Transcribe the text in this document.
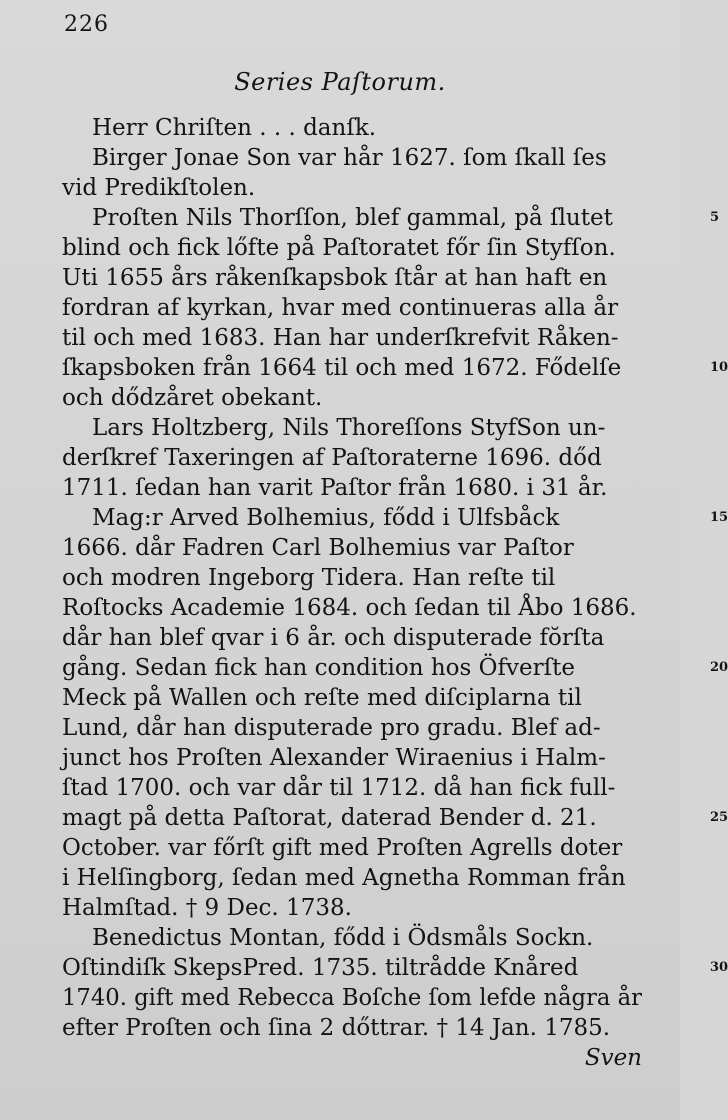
226
Series Paſtorum.
Herr Chriſten . . . danſk.
Birger Jonae Son var hår 1627. ſom ſkall ſes
vid Predikſtolen.
Proſten Nils Thorſſon, blef gammal, på ſlutet	5
blind och fick lőfte på Paſtoratet főr ſin Styfſon.
Uti 1655 års råkenſkapsbok ſtår at han haft en
fordran af kyrkan, hvar med continueras alla år
til och med 1683. Han har underſkrefvit Råken-
ſkapsboken från 1664 til och med 1672. Fődelſe	10
och dődzåret obekant.
Lars Holtzberg, Nils Thoreſſons StyfSon un-
derſkref Taxeringen af Paſtoraterne 1696. dőd
1711. ſedan han varit Paſtor från 1680. i 31 år.
Mag:r Arved Bolhemius, fődd i Ulfsbåck	15
1666. dår Fadren Carl Bolhemius var Paſtor
och modren Ingeborg Tidera. Han reſte til
Roſtocks Academie 1684. och ſedan til Åbo 1686.
dår han blef qvar i 6 år. och disputerade fŏrſta
gång. Sedan fick han condition hos Öfverſte	20
Meck på Wallen och reſte med diſciplarna til
Lund, dår han disputerade pro gradu. Blef ad-
junct hos Proſten Alexander Wiraenius i Halm-
ſtad 1700. och var dår til 1712. då han fick full-
magt på detta Paſtorat, daterad Bender d. 21.	25
October. var főrſt gift med Proſten Agrells doter
i Helſingborg, ſedan med Agnetha Romman från
Halmſtad. † 9 Dec. 1738.
Benedictus Montan, fődd i Ödsmåls Sockn.
Oſtindiſk SkepsPred. 1735. tiltrådde Knåred	30
1740. gift med Rebecca Boſche ſom lefde några år
efter Proſten och ſina 2 dőttrar. † 14 Jan. 1785.
Sven
